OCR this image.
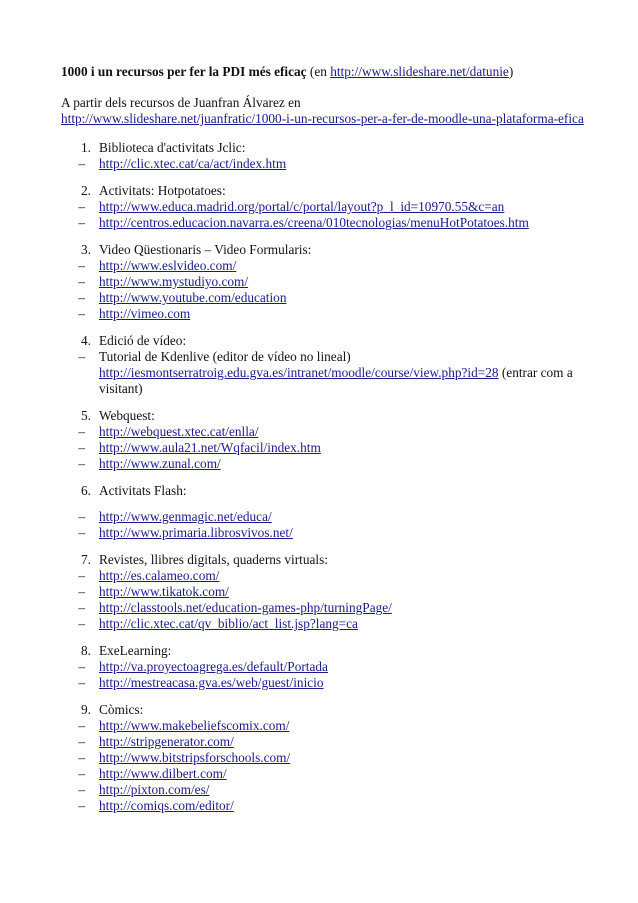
1000 i un recursos per fer la PDI més eficaç (en http://www.slideshare.net/datunie)
A partir dels recursos de Juanfran Álvarez en
http://www.slideshare.net/juanfratic/1000-i-un-recursos-per-a-fer-de-moodle-una-plataforma-efica
1. Biblioteca d'activitats Jclic:
–
http://clic.xtec.cat/ca/act/index.htm
2. Activitats: Hotpotatoes:
–
http://www.educa.madrid.org/portal/c/portal/layout?p_l_id=10970.55&c=an
–
http://centros.educacion.navarra.es/creena/010tecnologias/menuHotPotatoes.htm
3. Video Qüestionaris – Video Formularis:
–
http://www.eslvideo.com/
–
http://www.mystudiyo.com/
–
http://www.youtube.com/education
–
http://vimeo.com
4. Edició de vídeo:
–
Tutorial de Kdenlive (editor de vídeo no lineal)
http://iesmontserratroig.edu.gva.es/intranet/moodle/course/view.php?id=28 (entrar com a visitant)
5. Webquest:
–
http://webquest.xtec.cat/enlla/
–
http://www.aula21.net/Wqfacil/index.htm
–
http://www.zunal.com/
6. Activitats Flash:
–
http://www.genmagic.net/educa/
–
http://www.primaria.librosvivos.net/
7. Revistes, llibres digitals, quaderns virtuals:
–
http://es.calameo.com/
–
http://www.tikatok.com/
–
http://classtools.net/education-games-php/turningPage/
–
http://clic.xtec.cat/qv_biblio/act_list.jsp?lang=ca
8. ExeLearning:
–
http://va.proyectoagrega.es/default/Portada
–
http://mestreacasa.gva.es/web/guest/inicio
9. Còmics:
–
http://www.makebeliefscomix.com/
–
http://stripgenerator.com/
–
http://www.bitstripsforschools.com/
–
http://www.dilbert.com/
–
http://pixton.com/es/
–
http://comiqs.com/editor/
